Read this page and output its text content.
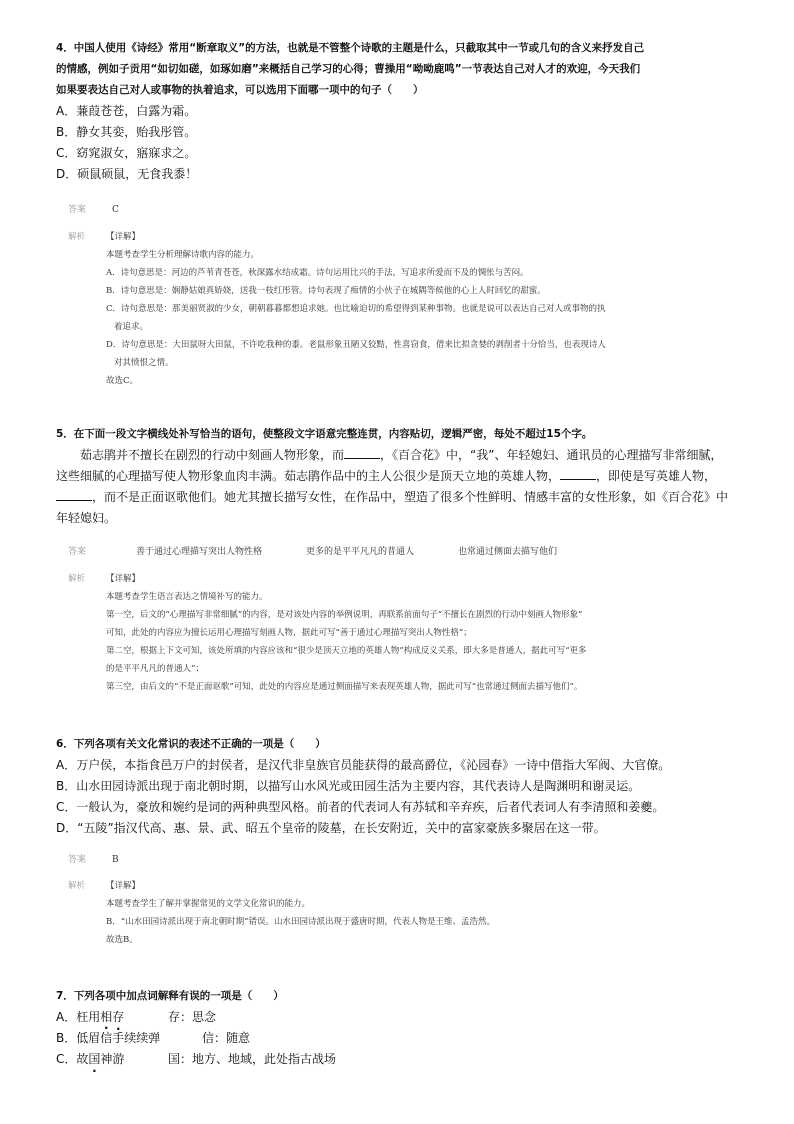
4．中国人使用《诗经》常用“断章取义”的方法，也就是不管整个诗歌的主题是什么，只截取其中一节或几句的含义来抒发自己

的情感，例如子贡用“如切如磋，如琢如磨”来概括自己学习的心得；曹操用“呦呦鹿鸣”一节表达自己对人才的欢迎，今天我们

如果要表达自己对人或事物的执着追求，可以选用下面哪一项中的句子（　　）

A．蒹葭苍苍，白露为霜。

B．静女其娈，贻我彤管。

C．窈窕淑女，寤寐求之。

D．硕鼠硕鼠，无食我黍！

答案	C
解析 【详解】

本题考查学生分析理解诗歌内容的能力。

A．诗句意思是：河边的芦苇青苍苍，秋深露水结成霜。诗句运用比兴的手法，写追求所爱而不及的惆怅与苦闷。

B．诗句意思是：娴静姑娘真娇娆，送我一枝红彤管。诗句表现了痴情的小伙子在城隅等候他的心上人时回忆的甜蜜。

C．诗句意思是：那美丽贤淑的少女，朝朝暮暮都想追求她。也比喻迫切的希望得到某种事物。也就是说可以表达自己对人或事物的执

着追求。

D．诗句意思是：大田鼠呀大田鼠，不许吃我种的黍。老鼠形象丑陋又狡黠，性喜窃食，借来比拟贪婪的剥削者十分恰当，也表现诗人

对其愤恨之情。

故选C。

5．在下面一段文字横线处补写恰当的语句，使整段文字语意完整连贯，内容贴切，逻辑严密，每处不超过15个字。

茹志鹃并不擅长在剧烈的行动中刻画人物形象，而	，《百合花》中，“我”、年轻媳妇、通讯员的心理描写非常细腻，

这些细腻的心理描写使人物形象血肉丰满。茹志鹃作品中的主人公很少是顶天立地的英雄人物，	，即使是写英雄人物，

，而不是正面讴歌他们。她尤其擅长描写女性，在作品中，塑造了很多个性鲜明、情感丰富的女性形象，如《百合花》中

年轻媳妇。

答案	善于通过心理描写突出人物性格	更多的是平平凡凡的普通人	也常通过侧面去描写他们
解析 【详解】

本题考查学生语言表达之情境补写的能力。

第一空，后文的“心理描写非常细腻”的内容，是对该处内容的举例说明，再联系前面句子“不擅长在剧烈的行动中刻画人物形象”

可知，此处的内容应为擅长运用心理描写刻画人物，据此可写“善于通过心理描写突出人物性格”；

第二空，根据上下文可知，该处所填的内容应该和“很少是顶天立地的英雄人物”构成反义关系，即大多是普通人，据此可写“更多

的是平平凡凡的普通人”；

第三空，由后文的“不是正面讴歌”可知，此处的内容应是通过侧面描写来表现英雄人物，据此可写“也常通过侧面去描写他们”。

6．下列各项有关文化常识的表述不正确的一项是（　　）

A．万户侯，本指食邑万户的封侯者，是汉代非皇族官员能获得的最高爵位，《沁园春》一诗中借指大军阀、大官僚。

B．山水田园诗派出现于南北朝时期，以描写山水风光或田园生活为主要内容，其代表诗人是陶渊明和谢灵运。

C．一般认为，豪放和婉约是词的两种典型风格。前者的代表词人有苏轼和辛弃疾，后者代表词人有李清照和姜夔。

D．“五陵”指汉代高、惠、景、武、昭五个皇帝的陵墓，在长安附近，关中的富家豪族多聚居在这一带。

答案	B
解析 【详解】

本题考查学生了解并掌握常见的文学文化常识的能力。

B．“山水田园诗派出现于南北朝时期”错误。山水田园诗派出现于盛唐时期，代表人物是王维、孟浩然。

故选B。

7．下列各项中加点词解释有误的一项是（　　）

A．枉用相存	存：思念

B．低眉信手续续弹	信：随意

C．故国神游	国：地方、地域，此处指古战场
